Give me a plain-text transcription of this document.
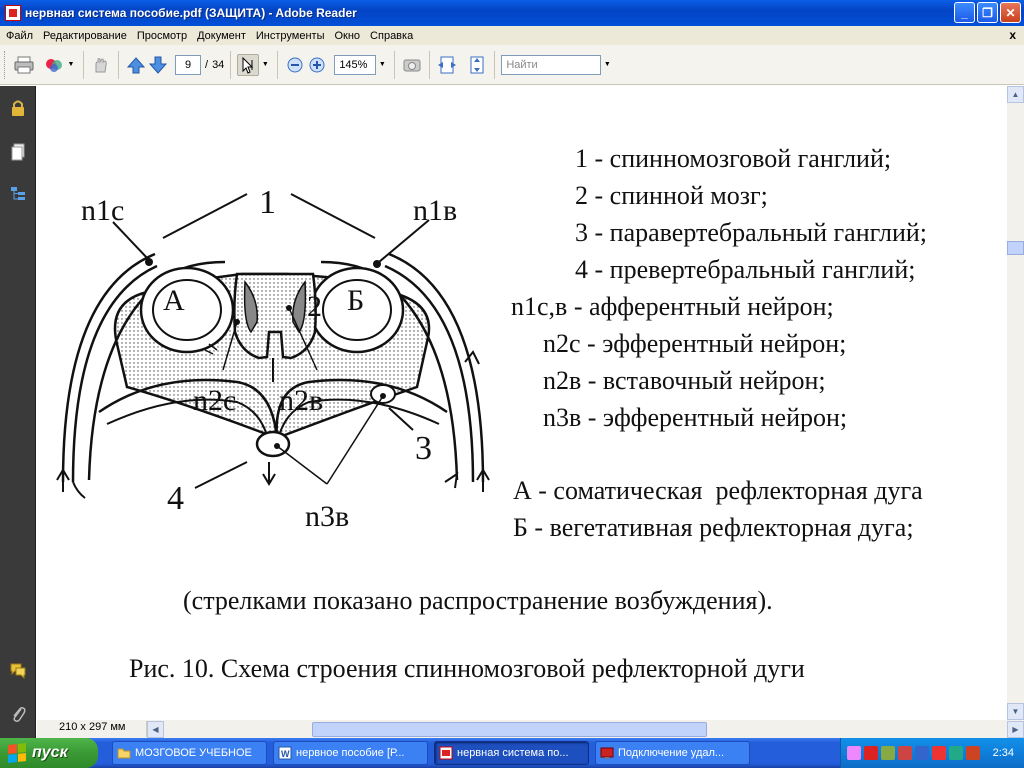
нервная система пособие.pdf (ЗАЩИТА) - Adobe Reader	_	❐	✕
Файл Редактирование Просмотр Документ Инструменты Окно Справка	x
▼	9	/ 34	▼	145%	▼	Найти	▼
n1с	1	n1в
А	2 Б
n2с n2в
3
4	n3в
1 - спинномозговой ганглий;
2 - спинной мозг;
3 - паравертебральный ганглий;
4 - превертебральный ганглий;
n1с,в - афферентный нейрон;
n2с - эфферентный нейрон;
n2в - вставочный нейрон;
n3в - эфферентный нейрон;
А - соматическая  рефлекторная дуга
Б - вегетативная рефлекторная дуга;
(стрелками показано распространение возбуждения).
Рис. 10. Схема строения спинномозговой рефлекторной дуги
▲
▼
210 x 297 мм	◀	▶
пуск	МОЗГОВОЕ УЧЕБНОЕ	W нервное пособие [Р...	нервная система по...	Подключение удал...	2:34
